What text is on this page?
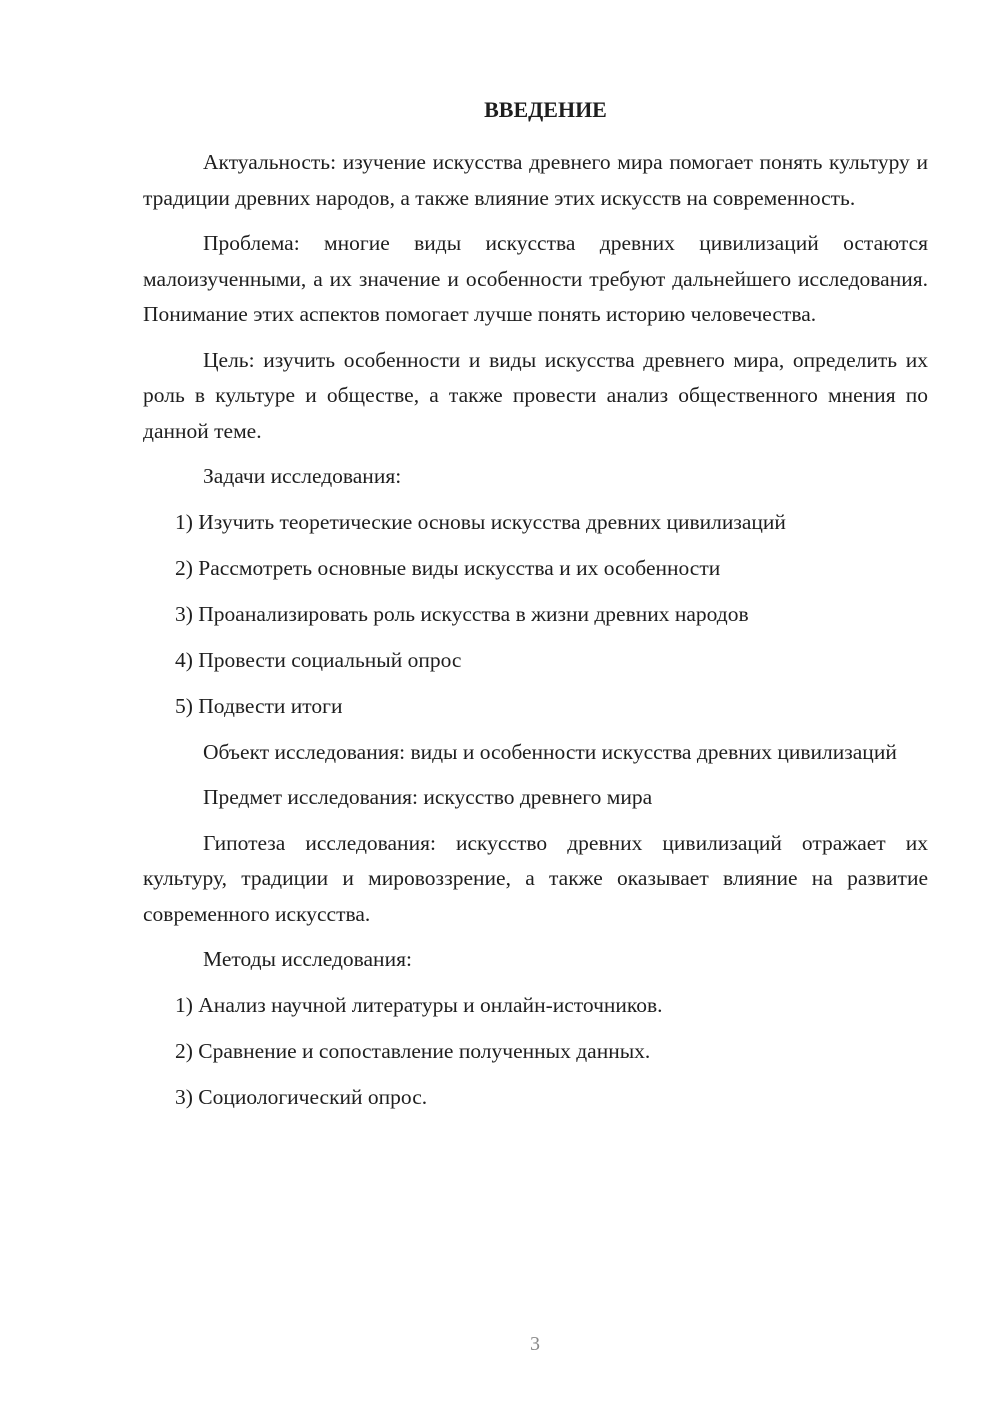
ВВЕДЕНИЕ

Актуальность: изучение искусства древнего мира помогает понять культуру и традиции древних народов, а также влияние этих искусств на современность.

Проблема: многие виды искусства древних цивилизаций остаются малоизученными, а их значение и особенности требуют дальнейшего исследования. Понимание этих аспектов помогает лучше понять историю человечества.

Цель: изучить особенности и виды искусства древнего мира, определить их роль в культуре и обществе, а также провести анализ общественного мнения по данной теме.

Задачи исследования:

1) Изучить теоретические основы искусства древних цивилизаций
2) Рассмотреть основные виды искусства и их особенности
3) Проанализировать роль искусства в жизни древних народов
4) Провести социальный опрос
5) Подвести итоги

Объект исследования: виды и особенности искусства древних цивилизаций

Предмет исследования: искусство древнего мира

Гипотеза исследования: искусство древних цивилизаций отражает их культуру, традиции и мировоззрение, а также оказывает влияние на развитие современного искусства.

Методы исследования:

1) Анализ научной литературы и онлайн-источников.
2) Сравнение и сопоставление полученных данных.
3) Социологический опрос.
3
